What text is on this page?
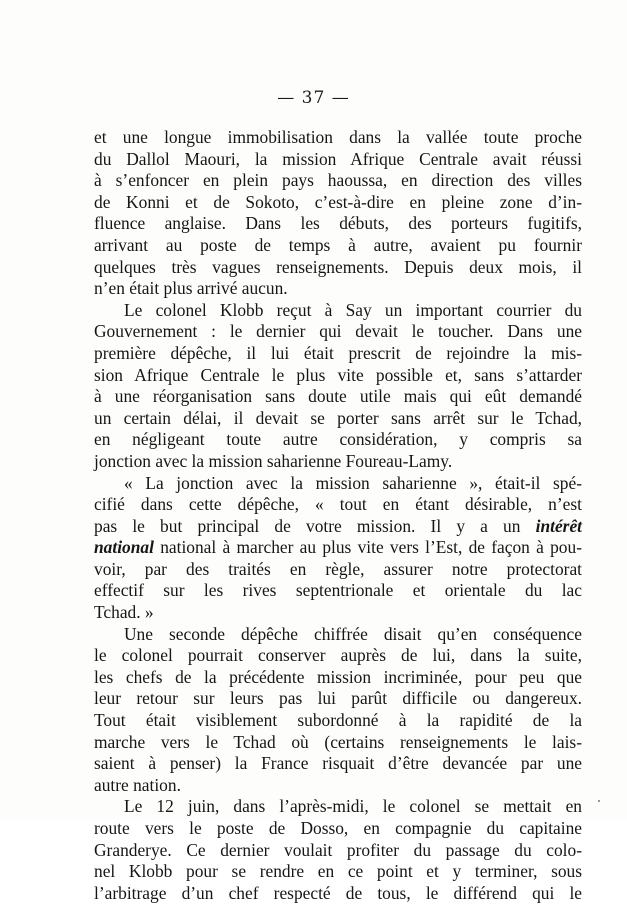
— 37 —
et une longue immobilisation dans la vallée toute proche
du Dallol Maouri, la mission Afrique Centrale avait réussi
à s’enfoncer en plein pays haoussa, en direction des villes
de Konni et de Sokoto, c’est-à-dire en pleine zone d’in-
fluence anglaise. Dans les débuts, des porteurs fugitifs,
arrivant au poste de temps à autre, avaient pu fournir
quelques très vagues renseignements. Depuis deux mois, il
n’en était plus arrivé aucun.
Le colonel Klobb reçut à Say un important courrier du
Gouvernement : le dernier qui devait le toucher. Dans une
première dépêche, il lui était prescrit de rejoindre la mis-
sion Afrique Centrale le plus vite possible et, sans s’attarder
à une réorganisation sans doute utile mais qui eût demandé
un certain délai, il devait se porter sans arrêt sur le Tchad,
en négligeant toute autre considération, y compris sa
jonction avec la mission saharienne Foureau-Lamy.
« La jonction avec la mission saharienne », était-il spé-
cifié dans cette dépêche, « tout en étant désirable, n’est
pas le but principal de votre mission. Il y a un intérêt
national national à marcher au plus vite vers l’Est, de façon à pou-
voir, par des traités en règle, assurer notre protectorat
effectif sur les rives septentrionale et orientale du lac
Tchad. »
Une seconde dépêche chiffrée disait qu’en conséquence
le colonel pourrait conserver auprès de lui, dans la suite,
les chefs de la précédente mission incriminée, pour peu que
leur retour sur leurs pas lui parût difficile ou dangereux.
Tout était visiblement subordonné à la rapidité de la
marche vers le Tchad où (certains renseignements le lais-
saient à penser) la France risquait d’être devancée par une
autre nation.
Le 12 juin, dans l’après-midi, le colonel se mettait en
route vers le poste de Dosso, en compagnie du capitaine
Granderye. Ce dernier voulait profiter du passage du colo-
nel Klobb pour se rendre en ce point et y terminer, sous
l’arbitrage d’un chef respecté de tous, le différend qui le
